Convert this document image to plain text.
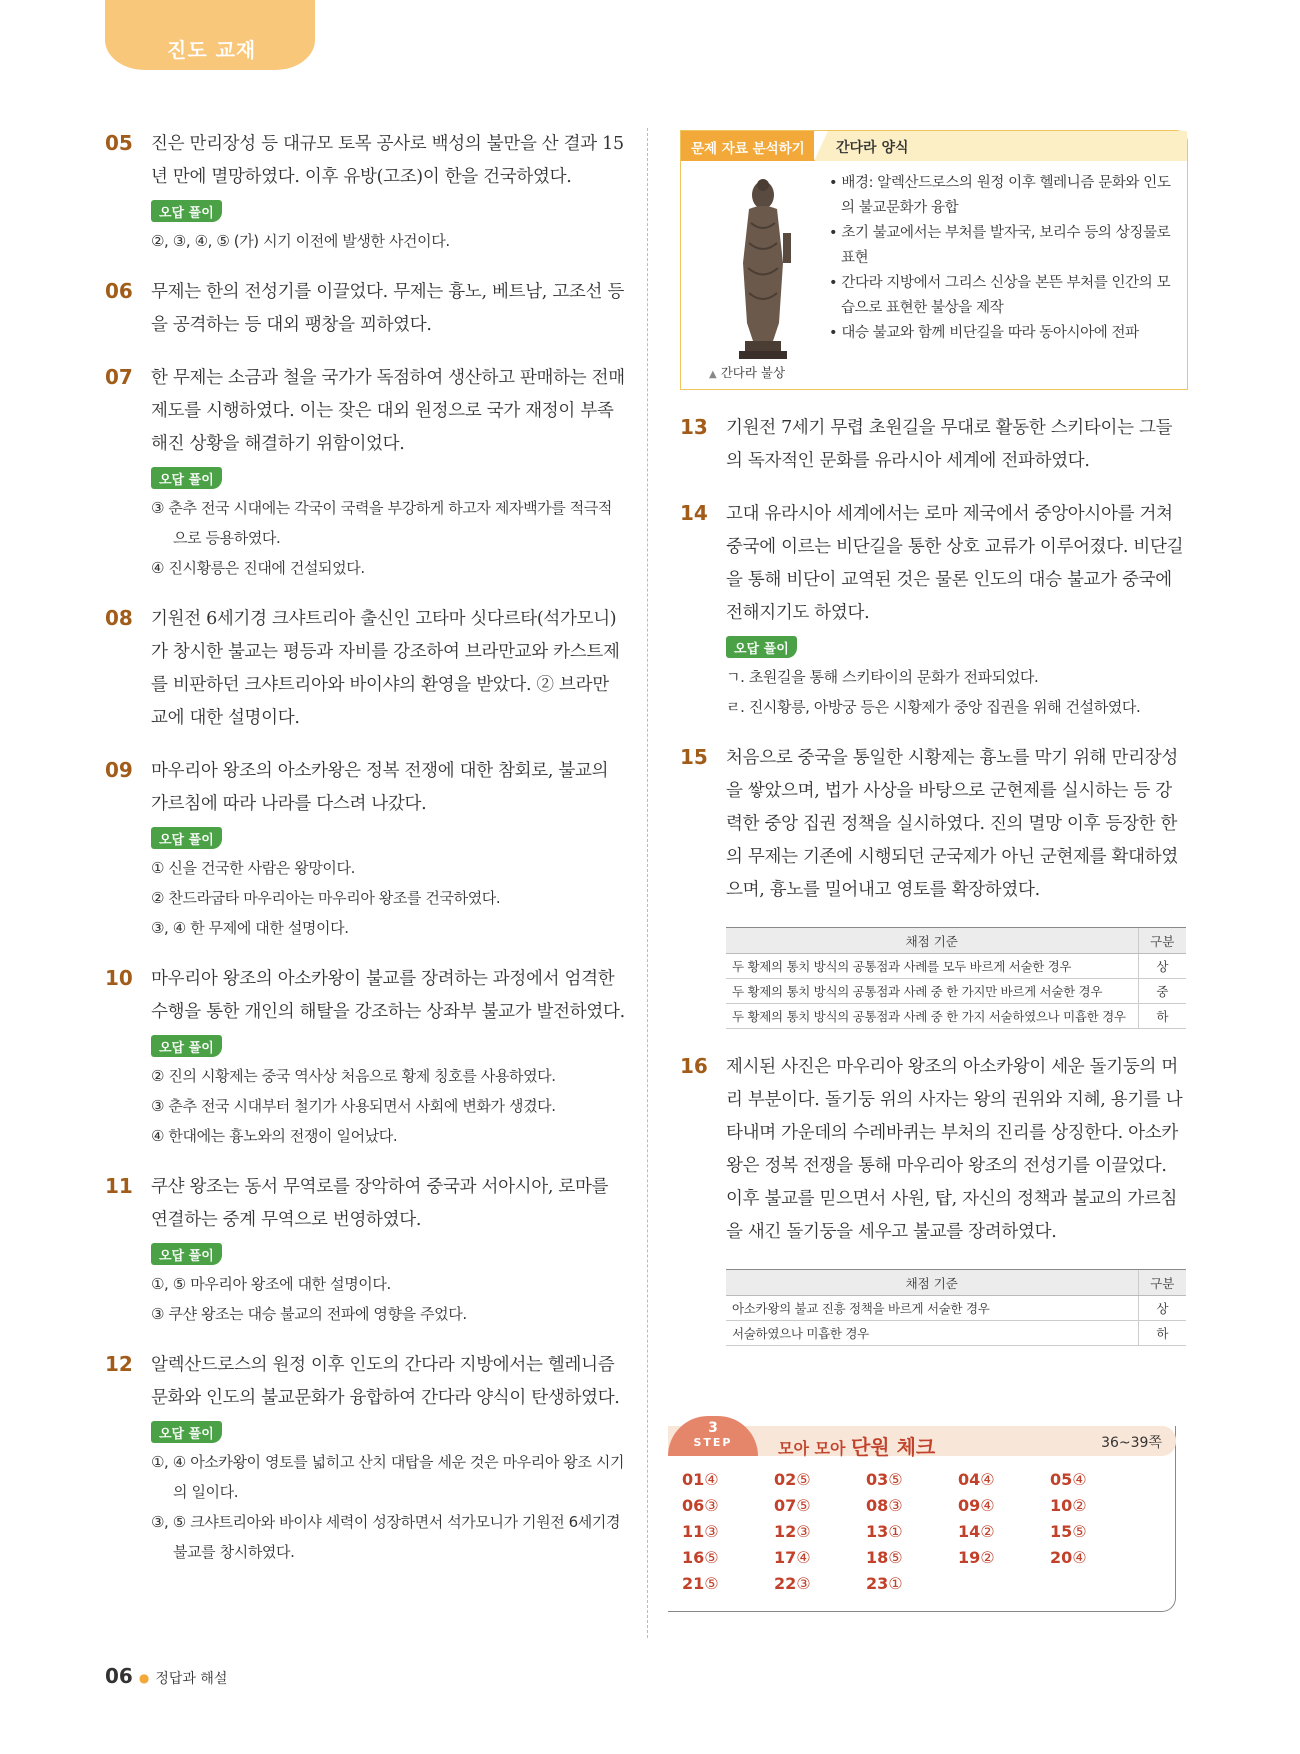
진도 교재
05 진은 만리장성 등 대규모 토목 공사로 백성의 불만을 산 결과 15년 만에 멸망하였다. 이후 유방(고조)이 한을 건국하였다.
오답 풀이
②, ③, ④, ⑤ (가) 시기 이전에 발생한 사건이다.
06 무제는 한의 전성기를 이끌었다. 무제는 흉노, 베트남, 고조선 등을 공격하는 등 대외 팽창을 꾀하였다.
07 한 무제는 소금과 철을 국가가 독점하여 생산하고 판매하는 전매 제도를 시행하였다. 이는 잦은 대외 원정으로 국가 재정이 부족해진 상황을 해결하기 위함이었다.
오답 풀이
③ 춘추 전국 시대에는 각국이 국력을 부강하게 하고자 제자백가를 적극적으로 등용하였다.
④ 진시황릉은 진대에 건설되었다.
08 기원전 6세기경 크샤트리아 출신인 고타마 싯다르타(석가모니)가 창시한 불교는 평등과 자비를 강조하여 브라만교와 카스트제를 비판하던 크샤트리아와 바이샤의 환영을 받았다. ② 브라만교에 대한 설명이다.
09 마우리아 왕조의 아소카왕은 정복 전쟁에 대한 참회로, 불교의 가르침에 따라 나라를 다스려 나갔다.
오답 풀이
① 신을 건국한 사람은 왕망이다.
② 찬드라굽타 마우리아는 마우리아 왕조를 건국하였다.
③, ④ 한 무제에 대한 설명이다.
10 마우리아 왕조의 아소카왕이 불교를 장려하는 과정에서 엄격한 수행을 통한 개인의 해탈을 강조하는 상좌부 불교가 발전하였다.
오답 풀이
② 진의 시황제는 중국 역사상 처음으로 황제 칭호를 사용하였다.
③ 춘추 전국 시대부터 철기가 사용되면서 사회에 변화가 생겼다.
④ 한대에는 흉노와의 전쟁이 일어났다.
11 쿠샨 왕조는 동서 무역로를 장악하여 중국과 서아시아, 로마를 연결하는 중계 무역으로 번영하였다.
오답 풀이
①, ⑤ 마우리아 왕조에 대한 설명이다.
③ 쿠샨 왕조는 대승 불교의 전파에 영향을 주었다.
12 알렉산드로스의 원정 이후 인도의 간다라 지방에서는 헬레니즘 문화와 인도의 불교문화가 융합하여 간다라 양식이 탄생하였다.
오답 풀이
①, ④ 아소카왕이 영토를 넓히고 산치 대탑을 세운 것은 마우리아 왕조 시기의 일이다.
③, ⑤ 크샤트리아와 바이샤 세력이 성장하면서 석가모니가 기원전 6세기경 불교를 창시하였다.
문제 자료 분석하기	간다라 양식
▲ 간다라 불상
• 배경: 알렉산드로스의 원정 이후 헬레니즘 문화와 인도의 불교문화가 융합
• 초기 불교에서는 부처를 발자국, 보리수 등의 상징물로 표현
• 간다라 지방에서 그리스 신상을 본뜬 부처를 인간의 모습으로 표현한 불상을 제작
• 대승 불교와 함께 비단길을 따라 동아시아에 전파
13 기원전 7세기 무렵 초원길을 무대로 활동한 스키타이는 그들의 독자적인 문화를 유라시아 세계에 전파하였다.
14 고대 유라시아 세계에서는 로마 제국에서 중앙아시아를 거쳐 중국에 이르는 비단길을 통한 상호 교류가 이루어졌다. 비단길을 통해 비단이 교역된 것은 물론 인도의 대승 불교가 중국에 전해지기도 하였다.
오답 풀이
ㄱ. 초원길을 통해 스키타이의 문화가 전파되었다.
ㄹ. 진시황릉, 아방궁 등은 시황제가 중앙 집권을 위해 건설하였다.
15 처음으로 중국을 통일한 시황제는 흉노를 막기 위해 만리장성을 쌓았으며, 법가 사상을 바탕으로 군현제를 실시하는 등 강력한 중앙 집권 정책을 실시하였다. 진의 멸망 이후 등장한 한의 무제는 기존에 시행되던 군국제가 아닌 군현제를 확대하였으며, 흉노를 밀어내고 영토를 확장하였다.
채점 기준	구분
두 황제의 통치 방식의 공통점과 사례를 모두 바르게 서술한 경우	상
두 황제의 통치 방식의 공통점과 사례 중 한 가지만 바르게 서술한 경우	중
두 황제의 통치 방식의 공통점과 사례 중 한 가지 서술하였으나 미흡한 경우	하
16 제시된 사진은 마우리아 왕조의 아소카왕이 세운 돌기둥의 머리 부분이다. 돌기둥 위의 사자는 왕의 권위와 지혜, 용기를 나타내며 가운데의 수레바퀴는 부처의 진리를 상징한다. 아소카왕은 정복 전쟁을 통해 마우리아 왕조의 전성기를 이끌었다. 이후 불교를 믿으면서 사원, 탑, 자신의 정책과 불교의 가르침을 새긴 돌기둥을 세우고 불교를 장려하였다.
채점 기준	구분
아소카왕의 불교 진흥 정책을 바르게 서술한 경우	상
서술하였으나 미흡한 경우	하
3
STEP	모아 모아 단원 체크	36~39쪽
01④	02⑤	03⑤	04④	05④
06③	07⑤	08③	09④	10②
11③	12③	13①	14②	15⑤
16⑤	17④	18⑤	19②	20④
21⑤	22③	23①
06 ● 정답과 해설
